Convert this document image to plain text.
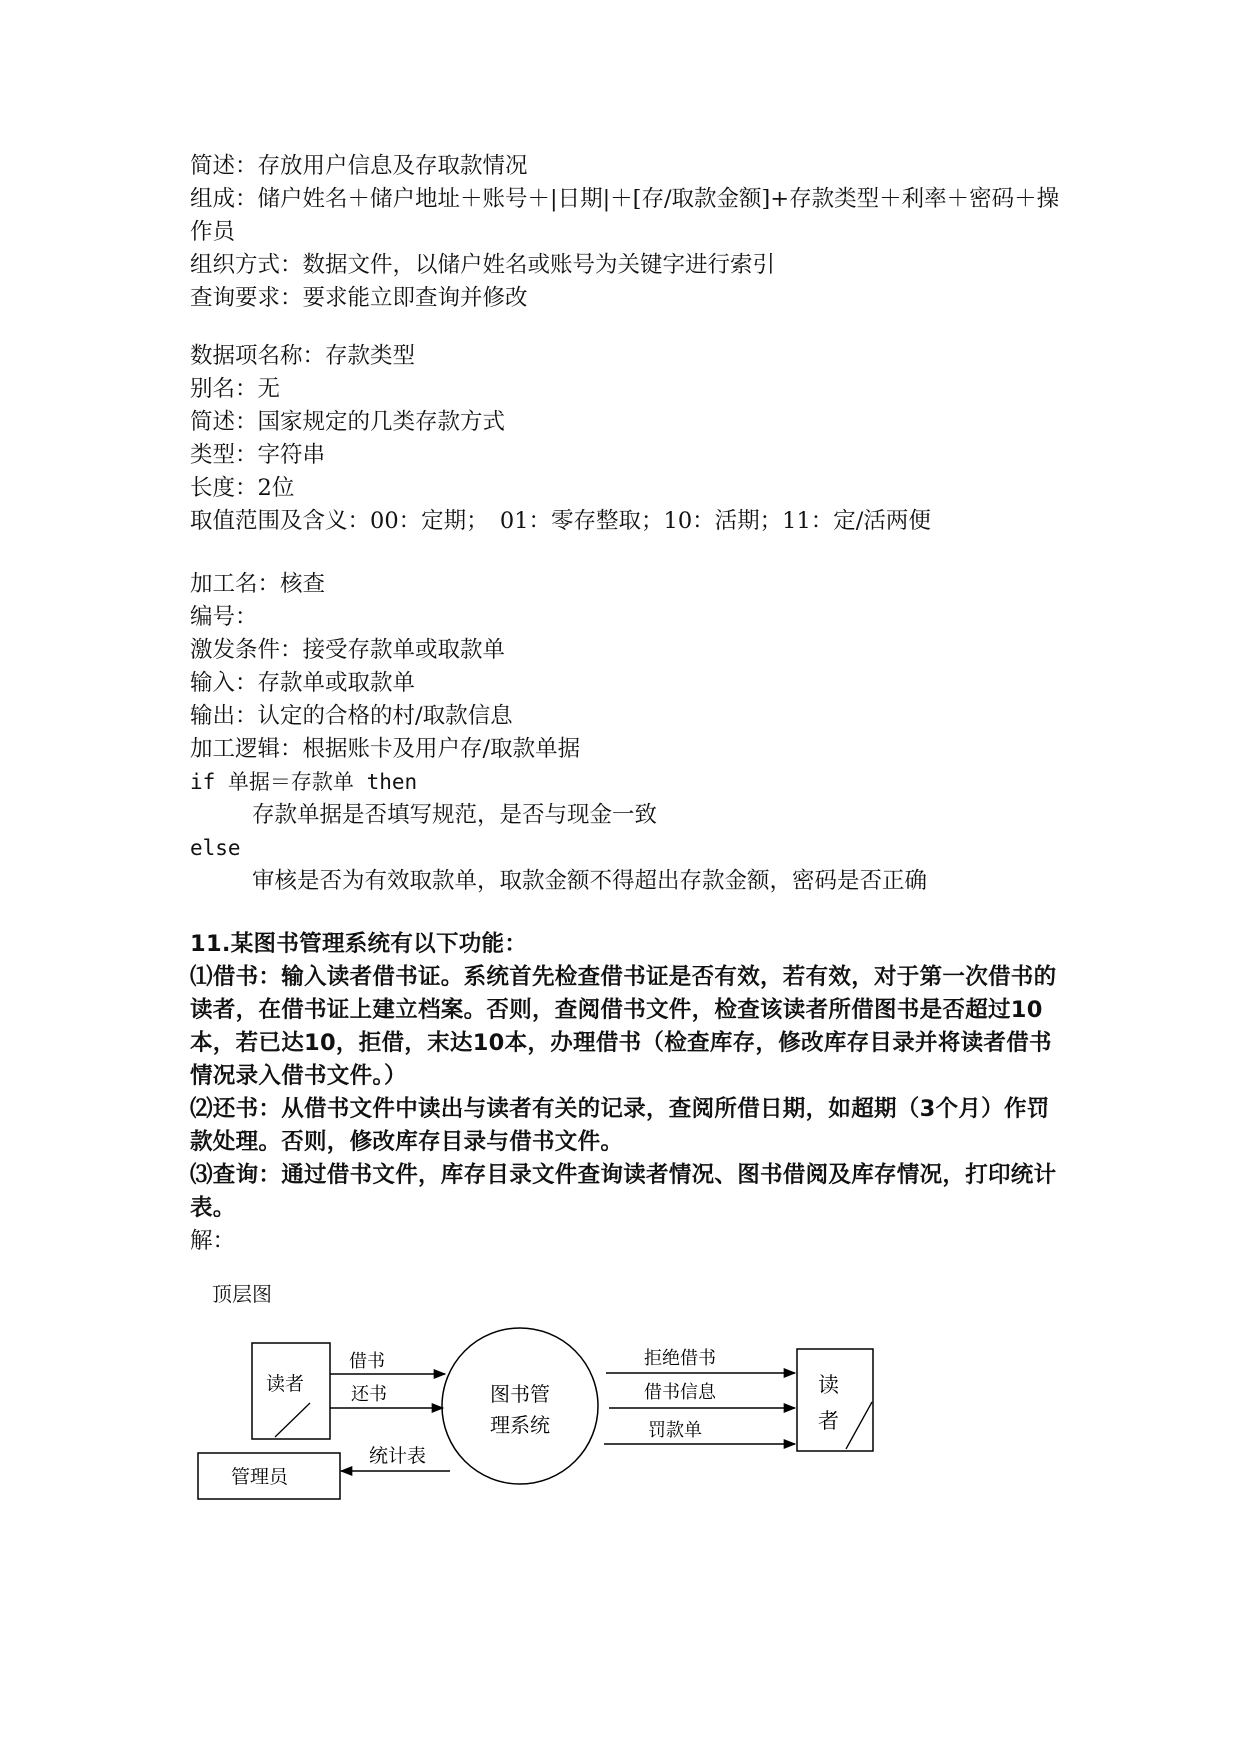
简述：存放用户信息及存取款情况
组成：储户姓名＋储户地址＋账号＋|日期|＋[存/取款金额]+存款类型＋利率＋密码＋操作员
组织方式：数据文件，以储户姓名或账号为关键字进行索引
查询要求：要求能立即查询并修改
数据项名称：存款类型
别名：无
简述：国家规定的几类存款方式
类型：字符串
长度：2位
取值范围及含义：00：定期；　01：零存整取；10：活期；11：定/活两便
加工名：核查
编号：
激发条件：接受存款单或取款单
输入：存款单或取款单
输出：认定的合格的村/取款信息
加工逻辑：根据账卡及用户存/取款单据
if 单据＝存款单 then
存款单据是否填写规范，是否与现金一致
else
审核是否为有效取款单，取款金额不得超出存款金额，密码是否正确
11.某图书管理系统有以下功能：
⑴借书：输入读者借书证。系统首先检查借书证是否有效，若有效，对于第一次借书的读者，在借书证上建立档案。否则，查阅借书文件，检查该读者所借图书是否超过10本，若已达10，拒借，末达10本，办理借书（检查库存，修改库存目录并将读者借书情况录入借书文件。）
⑵还书：从借书文件中读出与读者有关的记录，查阅所借日期，如超期（3个月）作罚款处理。否则，修改库存目录与借书文件。
⑶查询：通过借书文件，库存目录文件查询读者情况、图书借阅及库存情况，打印统计表。
解：
顶层图
读者
管理员
图书管
理系统
读
者
借书
还书
统计表
拒绝借书
借书信息
罚款单
